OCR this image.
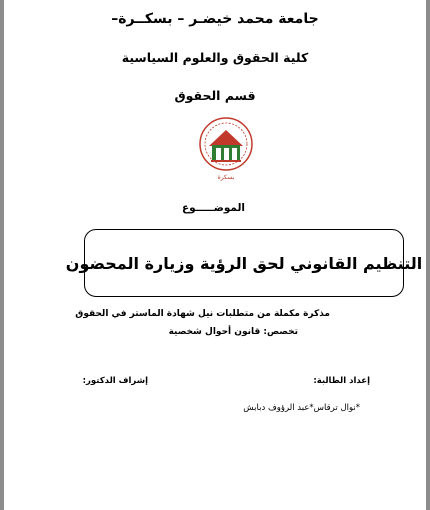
جامعة محمد خيضـر – بسكــرة–
كلية الحقوق والعلوم السياسية
قسم الحقوق
بسكرة
الموضـــــوع
التنظيم القانوني لحق الرؤية وزيارة المحضون
مذكرة مكملة من متطلبات نيل شهادة الماستر في الحقوق
تخصص: قانون أحوال شخصية
إعداد الطالبة:
إشراف الدكتور:
*نوال ترقاس*عبد الرؤوف دبابش
